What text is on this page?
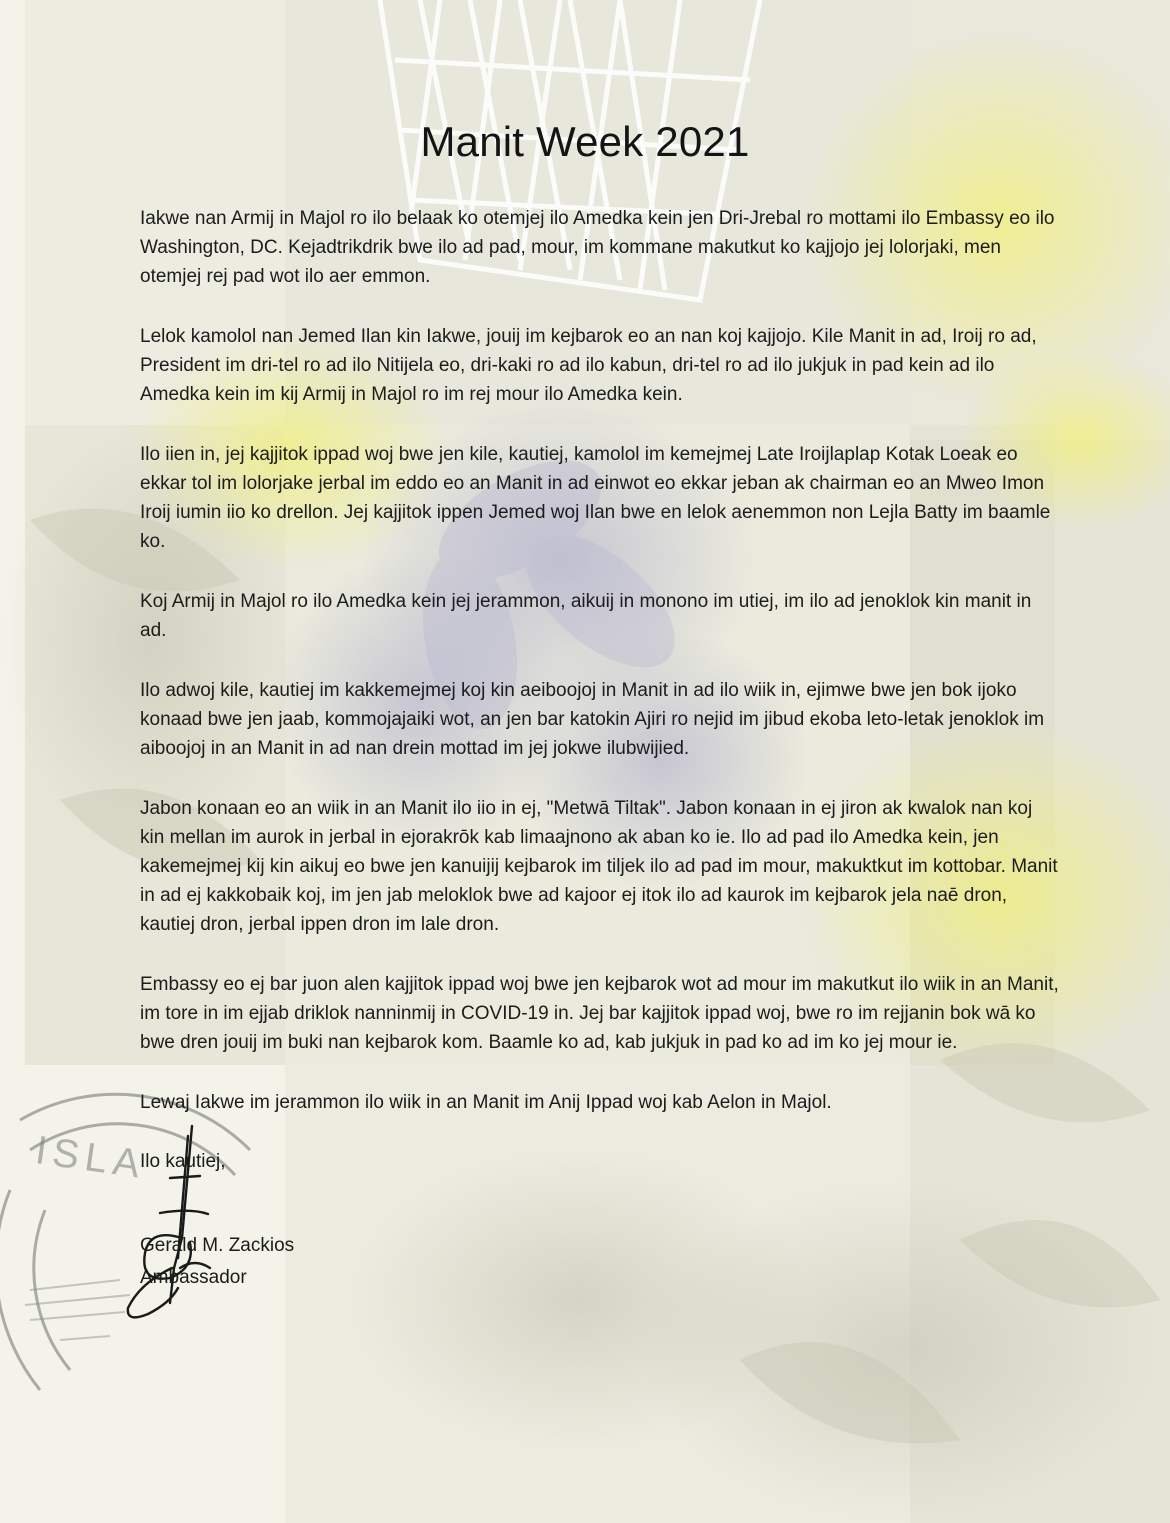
ISLA
Manit Week 2021

Iakwe nan Armij in Majol ro ilo belaak ko otemjej ilo Amedka kein jen Dri-Jrebal ro mottami ilo Embassy eo ilo Washington, DC. Kejadtrikdrik bwe ilo ad pad, mour, im kommane makutkut ko kajjojo jej lolorjaki, men otemjej rej pad wot ilo aer emmon.

Lelok kamolol nan Jemed Ilan kin Iakwe, jouij im kejbarok eo an nan koj kajjojo. Kile Manit in ad, Iroij ro ad, President im dri-tel ro ad ilo Nitijela eo, dri-kaki ro ad ilo kabun, dri-tel ro ad ilo jukjuk in pad kein ad ilo Amedka kein im kij Armij in Majol ro im rej mour ilo Amedka kein.

Ilo iien in, jej kajjitok ippad woj bwe jen kile, kautiej, kamolol im kemejmej Late Iroijlaplap Kotak Loeak eo ekkar tol im lolorjake jerbal im eddo eo an Manit in ad einwot eo ekkar jeban ak chairman eo an Mweo Imon Iroij iumin iio ko drellon. Jej kajjitok ippen Jemed woj Ilan bwe en lelok aenemmon non Lejla Batty im baamle ko.

Koj Armij in Majol ro ilo Amedka kein jej jerammon, aikuij in monono im utiej, im ilo ad jenoklok kin manit in ad.

Ilo adwoj kile, kautiej im kakkemejmej koj kin aeiboojoj in Manit in ad ilo wiik in, ejimwe bwe jen bok ijoko konaad bwe jen jaab, kommojajaiki wot, an jen bar katokin Ajiri ro nejid im jibud ekoba leto-letak jenoklok im aiboojoj in an Manit in ad nan drein mottad im jej jokwe ilubwijied.

Jabon konaan eo an wiik in an Manit ilo iio in ej, "Metwā Tiltak". Jabon konaan in ej jiron ak kwalok nan koj kin mellan im aurok in jerbal in ejorakrōk kab limaajnono ak aban ko ie. Ilo ad pad ilo Amedka kein, jen kakemejmej kij kin aikuj eo bwe jen kanuijij kejbarok im tiljek ilo ad pad im mour, makuktkut im kottobar. Manit in ad ej kakkobaik koj, im jen jab meloklok bwe ad kajoor ej itok ilo ad kaurok im kejbarok jela naē dron, kautiej dron, jerbal ippen dron im lale dron.

Embassy eo ej bar juon alen kajjitok ippad woj bwe jen kejbarok wot ad mour im makutkut ilo wiik in an Manit, im tore in im ejjab driklok nanninmij in COVID-19 in. Jej bar kajjitok ippad woj, bwe ro im rejjanin bok wā ko bwe dren jouij im buki nan kejbarok kom. Baamle ko ad, kab jukjuk in pad ko ad im ko jej mour ie.

Lewaj Iakwe im jerammon ilo wiik in an Manit im Anij Ippad woj kab Aelon in Majol.

Ilo kautiej,
Gerald M. Zackios
Ambassador
